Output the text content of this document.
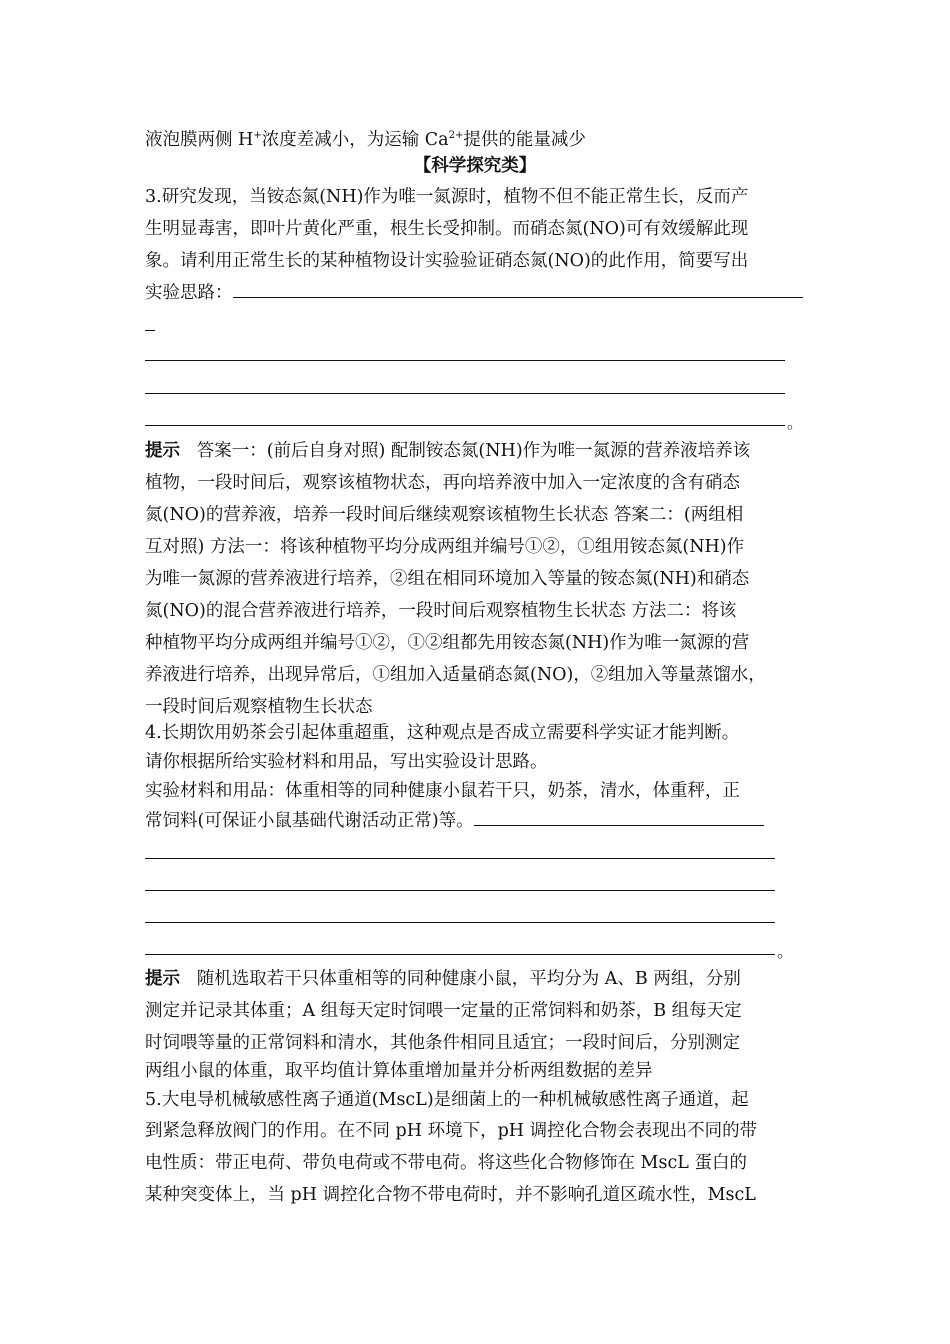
液泡膜两侧 H+浓度差减小，为运输 $Ca^{2+}$提供的能量减少
【科学探究类】
3.研究发现，当铵态氮(NH)作为唯一氮源时，植物不但不能正常生长，反而产
生明显毒害，即叶片黄化严重，根生长受抑制。而硝态氮(NO)可有效缓解此现
象。请利用正常生长的某种植物设计实验验证硝态氮(NO)的此作用，简要写出
实验思路：
。
提示 答案一：(前后自身对照) 配制铵态氮(NH)作为唯一氮源的营养液培养该
植物，一段时间后，观察该植物状态，再向培养液中加入一定浓度的含有硝态
氮(NO)的营养液，培养一段时间后继续观察该植物生长状态 答案二：(两组相
互对照) 方法一：将该种植物平均分成两组并编号①②，①组用铵态氮(NH)作
为唯一氮源的营养液进行培养，②组在相同环境加入等量的铵态氮(NH)和硝态
氮(NO)的混合营养液进行培养，一段时间后观察植物生长状态 方法二：将该
种植物平均分成两组并编号①②，①②组都先用铵态氮(NH)作为唯一氮源的营
养液进行培养，出现异常后，①组加入适量硝态氮(NO)，②组加入等量蒸馏水，
一段时间后观察植物生长状态
4.长期饮用奶茶会引起体重超重，这种观点是否成立需要科学实证才能判断。
请你根据所给实验材料和用品，写出实验设计思路。
实验材料和用品：体重相等的同种健康小鼠若干只，奶茶，清水，体重秤，正
常饲料(可保证小鼠基础代谢活动正常)等。
。
提示 随机选取若干只体重相等的同种健康小鼠，平均分为 A、B 两组，分别
测定并记录其体重；A 组每天定时饲喂一定量的正常饲料和奶茶，B 组每天定
时饲喂等量的正常饲料和清水，其他条件相同且适宜；一段时间后，分别测定
两组小鼠的体重，取平均值计算体重增加量并分析两组数据的差异
5.大电导机械敏感性离子通道(MscL)是细菌上的一种机械敏感性离子通道，起
到紧急释放阀门的作用。在不同 pH 环境下，pH 调控化合物会表现出不同的带
电性质：带正电荷、带负电荷或不带电荷。将这些化合物修饰在 MscL 蛋白的
某种突变体上，当 pH 调控化合物不带电荷时，并不影响孔道区疏水性，MscL
